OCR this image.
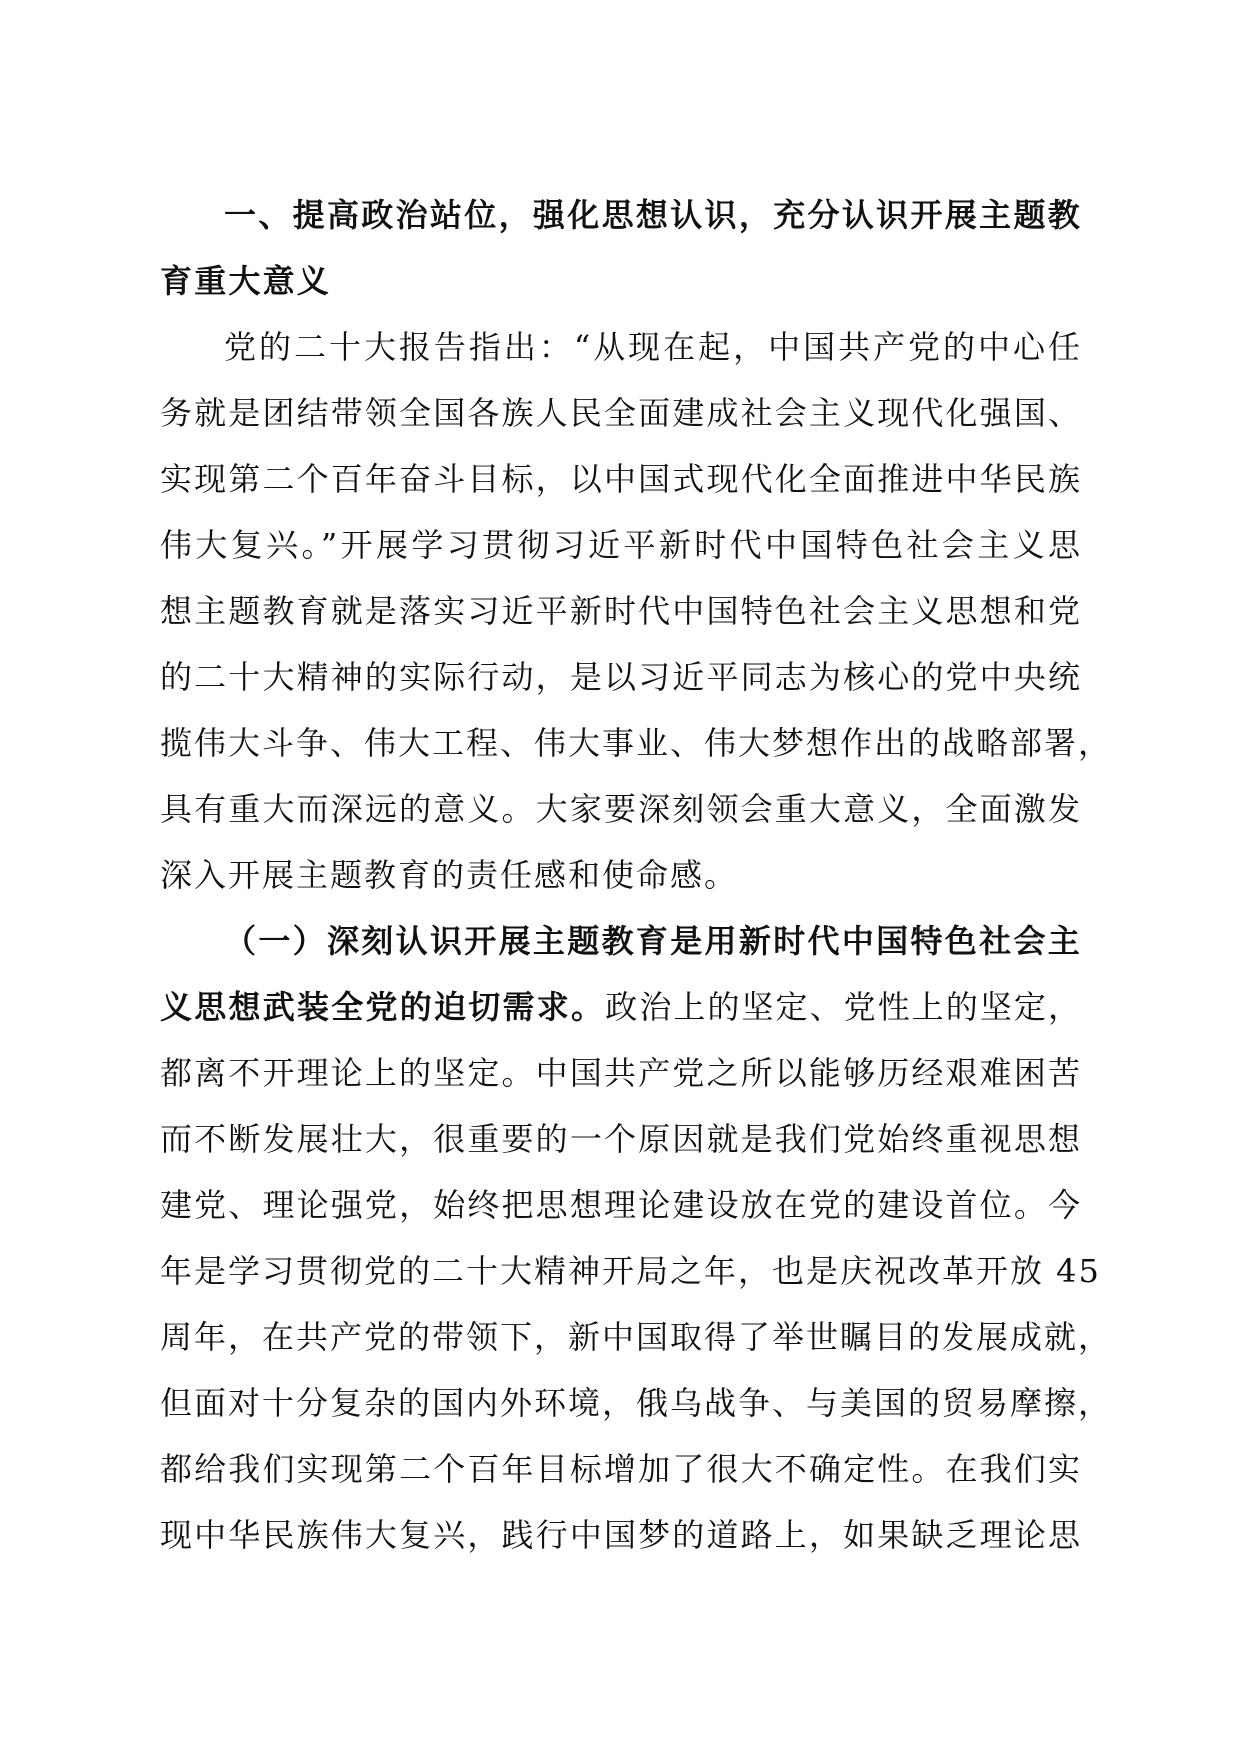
一、提高政治站位，强化思想认识，充分认识开展主题教
育重大意义
党的二十大报告指出：“从现在起，中国共产党的中心任
务就是团结带领全国各族人民全面建成社会主义现代化强国、
实现第二个百年奋斗目标，以中国式现代化全面推进中华民族
伟大复兴。”开展学习贯彻习近平新时代中国特色社会主义思
想主题教育就是落实习近平新时代中国特色社会主义思想和党
的二十大精神的实际行动，是以习近平同志为核心的党中央统
揽伟大斗争、伟大工程、伟大事业、伟大梦想作出的战略部署，
具有重大而深远的意义。大家要深刻领会重大意义，全面激发
深入开展主题教育的责任感和使命感。
（一）深刻认识开展主题教育是用新时代中国特色社会主
义思想武装全党的迫切需求。政治上的坚定、党性上的坚定，
都离不开理论上的坚定。中国共产党之所以能够历经艰难困苦
而不断发展壮大，很重要的一个原因就是我们党始终重视思想
建党、理论强党，始终把思想理论建设放在党的建设首位。今
年是学习贯彻党的二十大精神开局之年，也是庆祝改革开放 45
周年，在共产党的带领下，新中国取得了举世瞩目的发展成就，
但面对十分复杂的国内外环境，俄乌战争、与美国的贸易摩擦，
都给我们实现第二个百年目标增加了很大不确定性。在我们实
现中华民族伟大复兴，践行中国梦的道路上，如果缺乏理论思
